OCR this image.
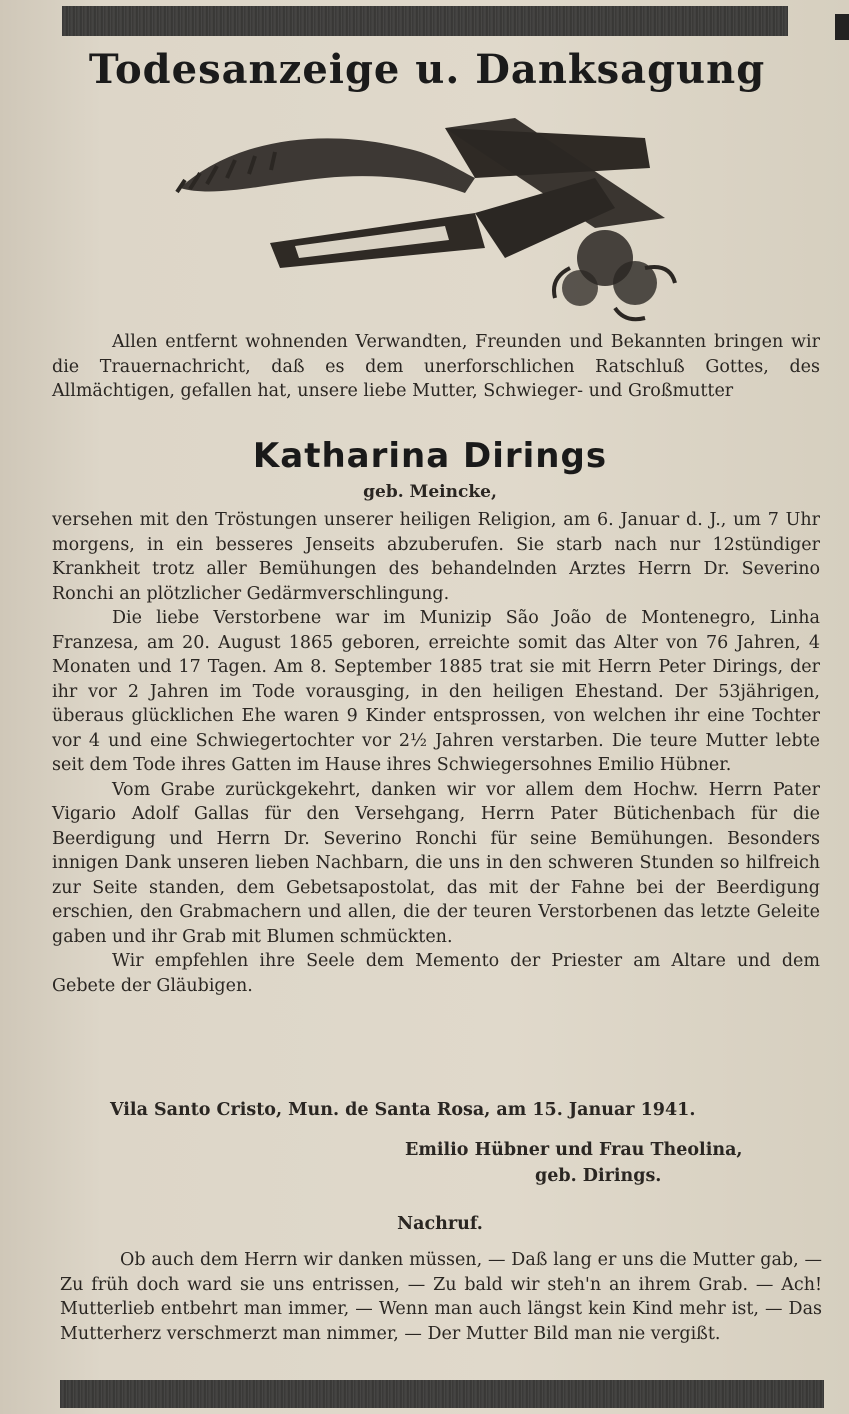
Todesanzeige u. Danksagung

Allen entfernt wohnenden Verwandten, Freunden und Bekannten bringen wir die Trauernachricht, daß es dem unerforschlichen Ratschluß Gottes, des Allmächtigen, gefallen hat, unsere liebe Mutter, Schwieger- und Großmutter

Katharina Dirings
geb. Meincke,

versehen mit den Tröstungen unserer heiligen Religion, am 6. Januar d. J., um 7 Uhr morgens, in ein besseres Jenseits abzuberufen. Sie starb nach nur 12stündiger Krankheit trotz aller Bemühungen des behandelnden Arztes Herrn Dr. Severino Ronchi an plötzlicher Gedärmverschlingung.

Die liebe Verstorbene war im Munizip São João de Montenegro, Linha Franzesa, am 20. August 1865 geboren, erreichte somit das Alter von 76 Jahren, 4 Monaten und 17 Tagen. Am 8. September 1885 trat sie mit Herrn Peter Dirings, der ihr vor 2 Jahren im Tode vorausging, in den heiligen Ehestand. Der 53jährigen, überaus glücklichen Ehe waren 9 Kinder entsprossen, von welchen ihr eine Tochter vor 4 und eine Schwiegertochter vor 2½ Jahren verstarben. Die teure Mutter lebte seit dem Tode ihres Gatten im Hause ihres Schwiegersohnes Emilio Hübner.

Vom Grabe zurückgekehrt, danken wir vor allem dem Hochw. Herrn Pater Vigario Adolf Gallas für den Versehgang, Herrn Pater Bütichenbach für die Beerdigung und Herrn Dr. Severino Ronchi für seine Bemühungen. Besonders innigen Dank unseren lieben Nachbarn, die uns in den schweren Stunden so hilfreich zur Seite standen, dem Gebetsapostolat, das mit der Fahne bei der Beerdigung erschien, den Grabmachern und allen, die der teuren Verstorbenen das letzte Geleite gaben und ihr Grab mit Blumen schmückten.

Wir empfehlen ihre Seele dem Memento der Priester am Altare und dem Gebete der Gläubigen.

Vila Santo Cristo, Mun. de Santa Rosa, am 15. Januar 1941.
Emilio Hübner und Frau Theolina,
geb. Dirings.
Nachruf.

Ob auch dem Herrn wir danken müssen, — Daß lang er uns die Mutter gab, — Zu früh doch ward sie uns entrissen, — Zu bald wir steh'n an ihrem Grab. — Ach! Mutterlieb entbehrt man immer, — Wenn man auch längst kein Kind mehr ist, — Das Mutterherz verschmerzt man nimmer, — Der Mutter Bild man nie vergißt.
